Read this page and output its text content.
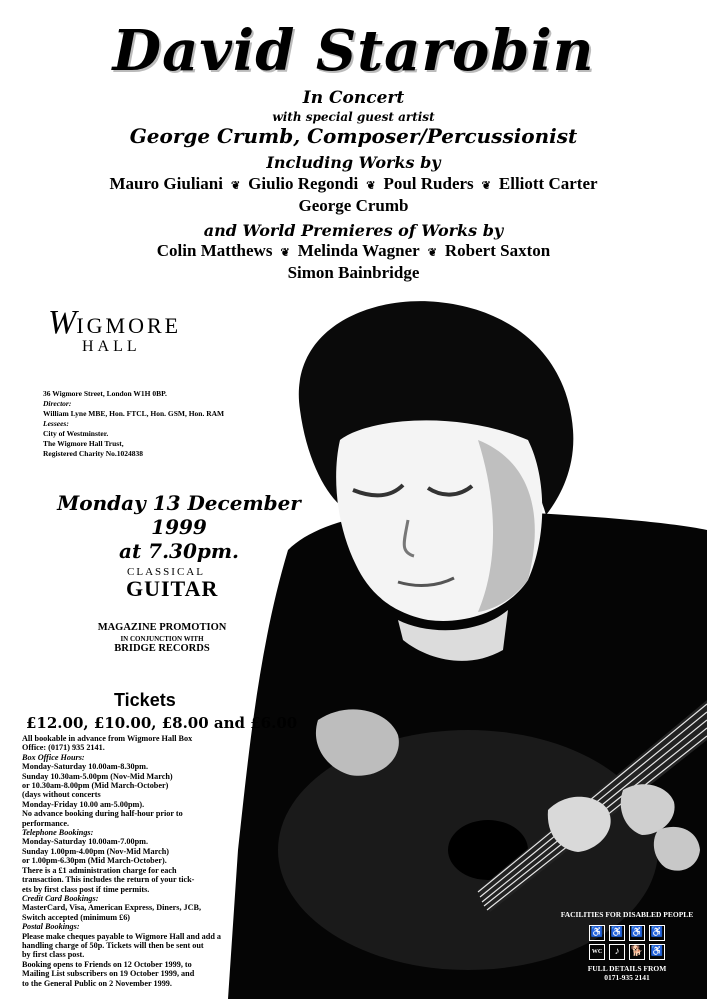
David Starobin
In Concert
with special guest artist
George Crumb, Composer/Percussionist
Including Works by
Mauro Giuliani ❦ Giulio Regondi ❦ Poul Ruders ❦ Elliott Carter
George Crumb
and World Premieres of Works by
Colin Matthews ❦ Melinda Wagner ❦ Robert Saxton
Simon Bainbridge
WIGMORE
HALL
36 Wigmore Street, London W1H 0BP.
Director:
William Lyne MBE, Hon. FTCL, Hon. GSM, Hon. RAM
Lessees:
City of Westminster.
The Wigmore Hall Trust,
Registered Charity No.1024838
Monday 13 December 1999
at 7.30pm.
CLASSICAL
GUITAR
MAGAZINE PROMOTION
IN CONJUNCTION WITH
BRIDGE RECORDS
Tickets
£12.00, £10.00, £8.00 and £6.00
All bookable in advance from Wigmore Hall Box
Office: (0171) 935 2141.
Box Office Hours:
Monday-Saturday 10.00am-8.30pm.
Sunday 10.30am-5.00pm (Nov-Mid March)
or 10.30am-8.00pm (Mid March-October)
(days without concerts
Monday-Friday 10.00 am-5.00pm).
No advance booking during half-hour prior to
performance.
Telephone Bookings:
Monday-Saturday 10.00am-7.00pm.
Sunday 1.00pm-4.00pm (Nov-Mid March)
or 1.00pm-6.30pm (Mid March-October).
There is a £1 administration charge for each
transaction. This includes the return of your tick-
ets by first class post if time permits.
Credit Card Bookings:
MasterCard, Visa, American Express, Diners, JCB,
Switch accepted (minimum £6)
Postal Bookings:
Please make cheques payable to Wigmore Hall and add a
handling charge of 50p. Tickets will then be sent out
by first class post.
Booking opens to Friends on 12 October 1999, to
Mailing List subscribers on 19 October 1999, and
to the General Public on 2 November 1999.
FACILITIES FOR DISABLED PEOPLE
♿ ♿ ♿ ♿
WC	♪	🐕 ♿
FULL DETAILS FROM
0171-935 2141
